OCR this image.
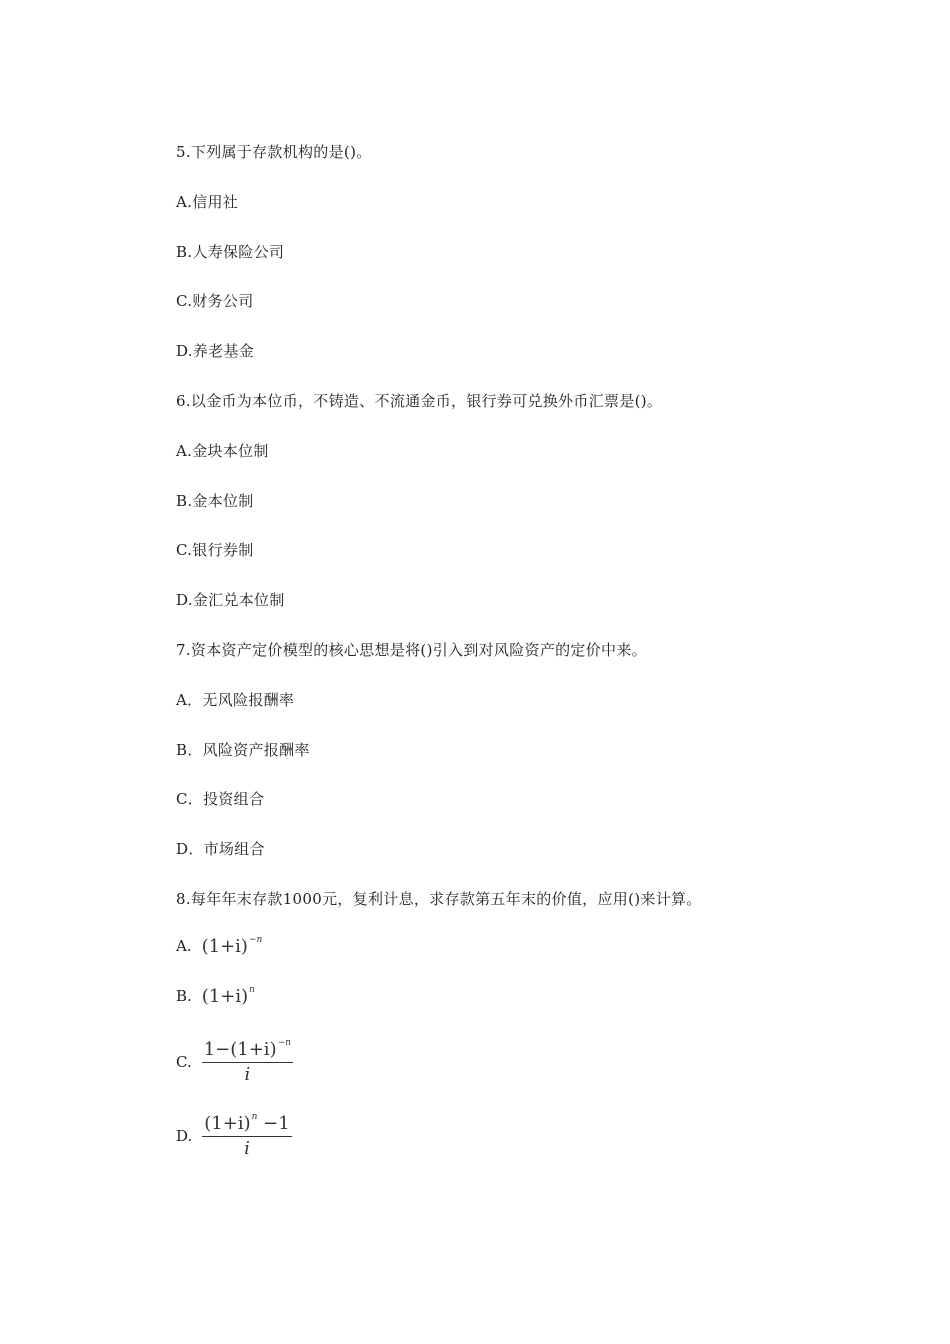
5.下列属于存款机构的是()。
A.信用社
B.人寿保险公司
C.财务公司
D.养老基金
6.以金币为本位币，不铸造、不流通金币，银行券可兑换外币汇票是()。
A.金块本位制
B.金本位制
C.银行券制
D.金汇兑本位制
7.资本资产定价模型的核心思想是将()引入到对风险资产的定价中来。
A．无风险报酬率
B．风险资产报酬率
C．投资组合
D．市场组合
8.每年年末存款1000元，复利计息，求存款第五年末的价值，应用()来计算。
A. $(1+i)^{-n}$
B. $(1+i)^n$
C. $\frac{1-(1+i)^{-n}}{i}$
D. $\frac{(1+i)^n -1}{i}$
